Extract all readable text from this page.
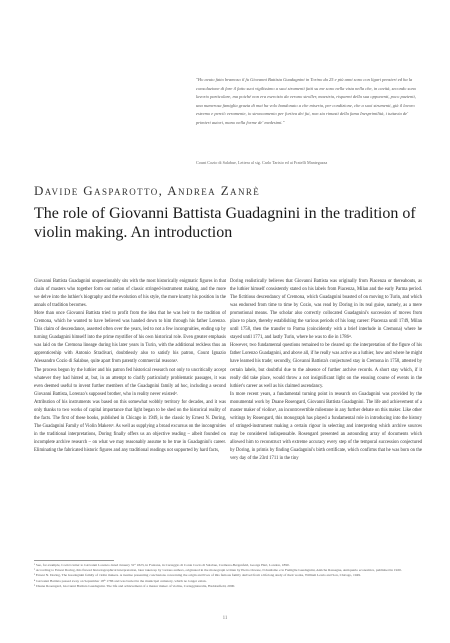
"Ho avuto fatto bramoso il fu Giovanni Battista Guadagnini in Torino da 25 e più anni sono con ligari pensieri ed ha la consolazione di fare il fatto suoi vigilissimo a suoi strumenti fatti su me sono nella vista nella che, in cavità, secondo sono lavorio particolare, ma poiché non era esercizio da veruno stroller, maestria, risparmi della sua opponenti, poco pazienti, una numerosa famiglia grazia di mai ha volo bandonato a che miseria, per condizione, che a suoi strumenti, già il lavoro estremo e perciò veramente, io stroncamento per fortiva dei fui, non sia rimasti della fama Inesprimilità, i tuttavia de' primieri autori, mano nella forme de' medesimi."
Count Cozio di Salabue, Lettera al sig. Carlo Tarisio ed ai Fratelli Mantegazza
Davide Gasparotto, Andrea Zanrè
The role of Giovanni Battista Guadagnini in the tradition of violin making. An introduction

Giovanni Battista Guadagnini unquestionably sits with the most historically enigmatic figures in that chain of masters who together form our notion of classic stringed-instrument making, and the more we delve into the luthier's biography and the evolution of his style, the more knotty his position in the annals of tradition becomes.

More than once Giovanni Battista tried to profit from the idea that he was heir to the tradition of Cremona, which he wanted to have believed was handed down to him through his father Lorenzo. This claim of descendance, asserted often over the years, led to not a few incongruities, ending up by turning Guadagnini himself into the prime mystifier of his own historical role. Even greater emphasis was laid on the Cremona lineage during his later years in Turin, with the additional reckless thus an apprenticeship with Antonio Stradivari, doubtlessly also to satisfy his patron, Count Ignazio Alessandro Cozio di Salabue, quite apart from patently commercial reasons¹.

The process begun by the luthier and his patron fed historical research not only to uncritically accept whatever they had hinted at, but, in an attempt to clarify particularly problematic passages, it was even deemed useful to invent further members of the Guadagnini family ad hoc, including a second Giovanni Battista, Lorenzo's supposed brother, who in reality never existed².

Attribution of his instruments was based on this somewhat wobbly territory for decades, and it was only thanks to two works of capital importance that light began to be shed on the historical reality of the facts. The first of these books, published in Chicago in 1949, is the classic by Ernest N. Doring, The Guadagnini Family of Violin Makers³. As well as supplying a broad excursus on the incongruities in the traditional interpretations, Doring finally offers us an objective reading – albeit founded on incomplete archive research – on what we may reasonably assume to be true in Guadagnini's career. Eliminating the fabricated historic figures and any traditional readings not supported by hard facts,

Doring realistically believes that Giovanni Battista was originally from Piacenza or thereabouts, as the luthier himself consistently stated on his labels from Piacenza, Milan and the early Parma period. The fictitious descendancy of Cremona, which Guadagnini boasted of on moving to Turin, and which was endorsed from time to time by Cozio, was read by Doring in its real guise, namely, as a mere promotional means. The scholar also correctly collocated Guadagnini's succession of moves from place to place, thereby establishing the various periods of his long career: Piacenza until 1749, Milan until 1758, then the transfer to Parma (coincidently with a brief interlude in Cremona) where he stayed until 1771, and lastly Turin, where he was to die in 1786⁴.

However, two fundamental questions remained to be cleared up: the interpretation of the figure of his father Lorenzo Guadagnini, and above all, if he really was active as a luthier, how and where he might have learned his trade; secondly, Giovanni Battista's conjectured stay in Cremona in 1758, attested by certain labels, but doubtful due to the absence of further archive records. A short stay which, if it really did take place, would throw a not insignificant light on the ensuing course of events in the luthier's career as well as his claimed ascendancy.

In more recent years, a fundamental turning point in research on Guadagnini was provided by the monumental work by Duane Rosengard, Giovanni Battista Guadagnini. The life and achievement of a master maker of violins⁵, an incontrovertible milestone in any further debate on this maker. Like other writings by Rosengard, this monograph has played a fundamental role in introducing into the history of stringed-instrument making a certain rigour in selecting and interpreting which archive sources may be considered indispensable. Rosengard presented an astounding array of documents which allowed him to reconstruct with extreme accuracy every step of the temporal succession conjectured by Doring, in primis by finding Guadagnini's birth certificate, which confirms that he was born on the very day of the 23rd 1711 in the tiny

¹ See, for example, Cozio's letter to Giovanni Lorenzo dated January 31ˢᵗ 1823, in Fontana, in Carteggio di Conte Cozio di Salabue, Cremona-Bergenfeld, George Hart, London, 1890.

² According to Ernest Doring, this flawed historiographical interpretation, later taken up by various authors, originated in the monograph written by Pietro Orsone, Il dualismo e le Famiglie Guadagnini, Antiche Rassegne, Antiquario economica, published in 1920.

³ Ernest N. Doring, The Guadagnini family of violin makers. A treatise presenting conclusions concerning the origin and lives of this famous family derived from a lifelong study of their works, William Lewis and Son, Chicago, 1949.

⁴ Giovanni Battista passed away on September 18ᵗʰ 1786 and was buried in the municipal cemetery, which no longer exists.

⁵ Duane Rosengard, Giovanni Battista Guadagnini. The life and achievement of a master maker of violins, Carteggiaturalia, Haddonfield, 2000.

11
